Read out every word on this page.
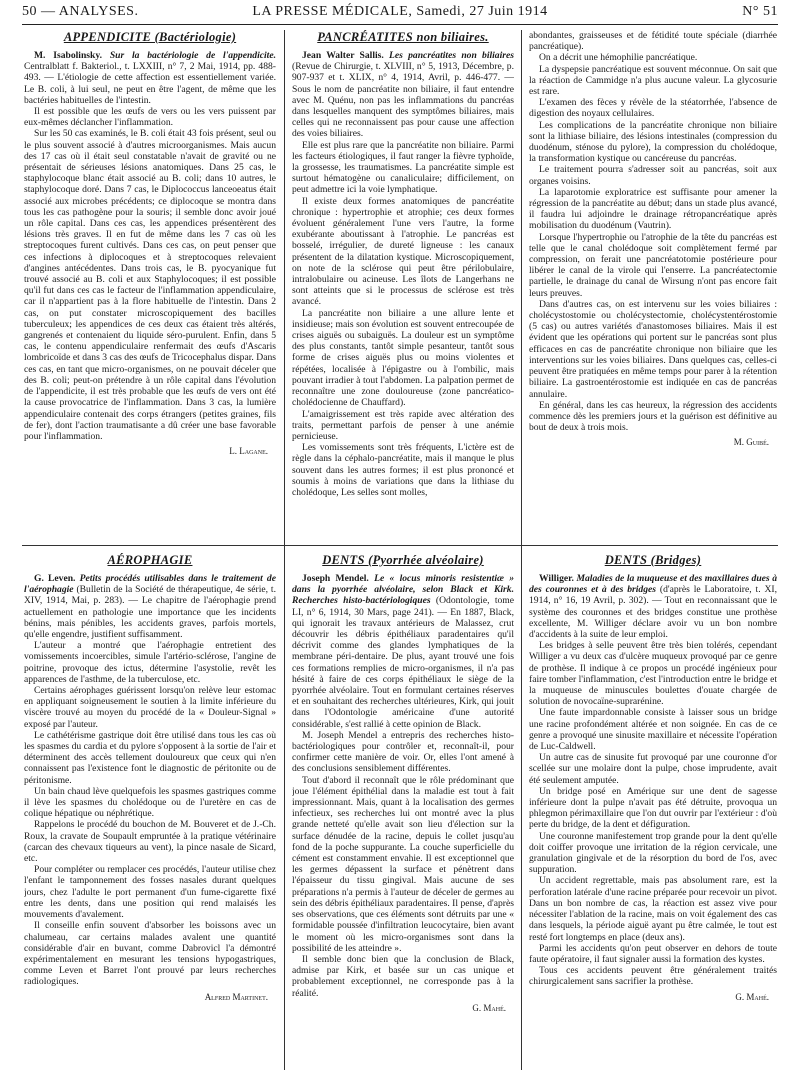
50 — ANALYSES.	LA PRESSE MÉDICALE, Samedi, 27 Juin 1914	N° 51
APPENDICITE (Bactériologie)

M. Isabolinsky. Sur la bactériologie de l'appendicite. Centralblatt f. Bakteriol., t. LXXIII, n° 7, 2 Mai, 1914, pp. 488-493. — L'étiologie de cette affection est essentiellement variée. Le B. coli, à lui seul, ne peut en être l'agent, de même que les bactéries habituelles de l'intestin.

Il est possible que les œufs de vers ou les vers puissent par eux-mêmes déclancher l'inflammation.

Sur les 50 cas examinés, le B. coli était 43 fois présent, seul ou le plus souvent associé à d'autres microorganismes. Mais aucun des 17 cas où il était seul constatable n'avait de gravité ou ne présentait de sérieuses lésions anatomiques. Dans 25 cas, le staphylocoque blanc était associé au B. coli; dans 10 autres, le staphylocoque doré. Dans 7 cas, le Diplococcus lanceoeatus était associé aux microbes précédents; ce diplocoque se montra dans tous les cas pathogène pour la souris; il semble donc avoir joué un rôle capital. Dans ces cas, les appendices présentèrent des lésions très graves. Il en fut de même dans les 7 cas où les streptocoques furent cultivés. Dans ces cas, on peut penser que ces infections à diplocoques et à streptocoques relevaient d'angines antécédentes. Dans trois cas, le B. pyocyanique fut trouvé associé au B. coli et aux Staphylocoques; il est possible qu'il fut dans ces cas le facteur de l'inflammation appendiculaire, car il n'appartient pas à la flore habituelle de l'intestin. Dans 2 cas, on put constater microscopiquement des bacilles tuberculeux; les appendices de ces deux cas étaient très altérés, gangrenés et contenaient du liquide séro-purulent. Enfin, dans 5 cas, le contenu appendiculaire renfermait des œufs d'Ascaris lombricoïde et dans 3 cas des œufs de Tricocephalus dispar. Dans ces cas, en tant que micro-organismes, on ne pouvait déceler que des B. coli; peut-on prétendre à un rôle capital dans l'évolution de l'appendicite, il est très probable que les œufs de vers ont été la cause provocatrice de l'inflammation. Dans 3 cas, la lumière appendiculaire contenait des corps étrangers (petites graines, fils de fer), dont l'action traumatisante a dû créer une base favorable pour l'inflammation.

L. Lagane.
PANCRÉATITES non biliaires.

Jean Walter Sallis. Les pancréatites non biliaires (Revue de Chirurgie, t. XLVIII, n° 5, 1913, Décembre, p. 907-937 et t. XLIX, n° 4, 1914, Avril, p. 446-477. — Sous le nom de pancréatite non biliaire, il faut entendre avec M. Quénu, non pas les inflammations du pancréas dans lesquelles manquent des symptômes biliaires, mais celles qui ne reconnaissent pas pour cause une affection des voies biliaires.

Elle est plus rare que la pancréatite non biliaire. Parmi les facteurs étiologiques, il faut ranger la fièvre typhoïde, la grossesse, les traumatismes. La pancréatite simple est surtout hématogène ou canaliculaire; difficilement, on peut admettre ici la voie lymphatique.

Il existe deux formes anatomiques de pancréatite chronique : hypertrophie et atrophie; ces deux formes évoluent généralement l'une vers l'autre, la forme exubérante aboutissant à l'atrophie. Le pancréas est bosselé, irrégulier, de dureté ligneuse : les canaux présentent de la dilatation kystique. Microscopiquement, on note de la sclérose qui peut être périlobulaire, intralobulaire ou acineuse. Les îlots de Langerhans ne sont atteints que si le processus de sclérose est très avancé.

La pancréatite non biliaire a une allure lente et insidieuse; mais son évolution est souvent entrecoupée de crises aiguës ou subaiguës. La douleur est un symptôme des plus constants, tantôt simple pesanteur, tantôt sous forme de crises aiguës plus ou moins violentes et répétées, localisée à l'épigastre ou à l'ombilic, mais pouvant irradier à tout l'abdomen. La palpation permet de reconnaître une zone douloureuse (zone pancréatico-cholédocienne de Chauffard).

L'amaigrissement est très rapide avec altération des traits, permettant parfois de penser à une anémie pernicieuse.

Les vomissements sont très fréquents, L'ictère est de règle dans la céphalo-pancréatite, mais il manque le plus souvent dans les autres formes; il est plus prononcé et soumis à moins de variations que dans la lithiase du cholédoque, Les selles sont molles,

abondantes, graisseuses et de fétidité toute spéciale (diarrhée pancréatique).

On a décrit une hémophilie pancréatique.

La dyspepsie pancréatique est souvent méconnue. On sait que la réaction de Cammidge n'a plus aucune valeur. La glycosurie est rare.

L'examen des fèces y révèle de la stéatorrhée, l'absence de digestion des noyaux cellulaires.

Les complications de la pancréatite chronique non biliaire sont la lithiase biliaire, des lésions intestinales (compression du duodénum, sténose du pylore), la compression du cholédoque, la transformation kystique ou cancéreuse du pancréas.

Le traitement pourra s'adresser soit au pancréas, soit aux organes voisins.

La laparotomie exploratrice est suffisante pour amener la régression de la pancréatite au début; dans un stade plus avancé, il faudra lui adjoindre le drainage rétropancréatique après mobilisation du duodénum (Vautrin).

Lorsque l'hypertrophie ou l'atrophie de la tête du pancréas est telle que le canal cholédoque soit complètement fermé par compression, on ferait une pancréatotomie postérieure pour libérer le canal de la virole qui l'enserre. La pancréatectomie partielle, le drainage du canal de Wirsung n'ont pas encore fait leurs preuves.

Dans d'autres cas, on est intervenu sur les voies biliaires : cholécystostomie ou cholécystectomie, cholécystentérostomie (5 cas) ou autres variétés d'anastomoses biliaires. Mais il est évident que les opérations qui portent sur le pancréas sont plus efficaces en cas de pancréatite chronique non biliaire que les interventions sur les voies biliaires. Dans quelques cas, celles-ci peuvent être pratiquées en même temps pour parer à la rétention biliaire. La gastroentérostomie est indiquée en cas de pancréas annulaire.

En général, dans les cas heureux, la régression des accidents commence dès les premiers jours et la guérison est définitive au bout de deux à trois mois.

M. Guibé.
AÉROPHAGIE

G. Leven. Petits procédés utilisables dans le traitement de l'aérophagie (Bulletin de la Société de thérapeutique, 4e série, t. XIV, 1914, Mai, p. 283). — Le chapitre de l'aérophagie prend actuellement en pathologie une importance que les incidents bénins, mais pénibles, les accidents graves, parfois mortels, qu'elle engendre, justifient suffisamment.

L'auteur a montré que l'aérophagie entretient des vomissements incoercibles, simule l'artério-sclérose, l'angine de poitrine, provoque des ictus, détermine l'asystolie, revêt les apparences de l'asthme, de la tuberculose, etc.

Certains aérophages guérissent lorsqu'on relève leur estomac en appliquant soigneusement le soutien à la limite inférieure du viscère trouvé au moyen du procédé de la « Douleur-Signal » exposé par l'auteur.

Le cathétérisme gastrique doit être utilisé dans tous les cas où les spasmes du cardia et du pylore s'opposent à la sortie de l'air et déterminent des accès tellement douloureux que ceux qui n'en connaissent pas l'existence font le diagnostic de péritonite ou de péritonisme.

Un bain chaud lève quelquefois les spasmes gastriques comme il lève les spasmes du cholédoque ou de l'uretère en cas de colique hépatique ou néphrétique.

Rappelons le procédé du bouchon de M. Bouveret et de J.-Ch. Roux, la cravate de Soupault empruntée à la pratique vétérinaire (carcan des chevaux tiqueurs au vent), la pince nasale de Sicard, etc.

Pour compléter ou remplacer ces procédés, l'auteur utilise chez l'enfant le tamponnement des fosses nasales durant quelques jours, chez l'adulte le port permanent d'un fume-cigarette fixé entre les dents, dans une position qui rend malaisés les mouvements d'avalement.

Il conseille enfin souvent d'absorber les boissons avec un chalumeau, car certains malades avalent une quantité considérable d'air en buvant, comme Dabrovicl l'a démontré expérimentalement en mesurant les tensions hypogastriques, comme Leven et Barret l'ont prouvé par leurs recherches radiologiques.

Alfred Martinet.
DENTS (Pyorrhée alvéolaire)

Joseph Mendel. Le « locus minoris resistentiæ » dans la pyorrhée alvéolaire, selon Black et Kirk. Recherches histo-bactériologiques (Odontologie, tome LI, n° 6, 1914, 30 Mars, page 241). — En 1887, Black, qui ignorait les travaux antérieurs de Malassez, crut découvrir les débris épithéliaux paradentaires qu'il décrivit comme des glandes lymphatiques de la membrane péri-dentaire. De plus, ayant trouvé une fois ces formations remplies de micro-organismes, il n'a pas hésité à faire de ces corps épithéliaux le siège de la pyorrhée alvéolaire. Tout en formulant certaines réserves et en souhaitant des recherches ultérieures, Kirk, qui jouit dans l'Odontologie américaine d'une autorité considérable, s'est rallié à cette opinion de Black.

M. Joseph Mendel a entrepris des recherches histo-bactériologiques pour contrôler et, reconnaît-il, pour confirmer cette manière de voir. Or, elles l'ont amené à des conclusions sensiblement différentes.

Tout d'abord il reconnaît que le rôle prédominant que joue l'élément épithélial dans la maladie est tout à fait impressionnant. Mais, quant à la localisation des germes infectieux, ses recherches lui ont montré avec la plus grande netteté qu'elle avait son lieu d'élection sur la surface dénudée de la racine, depuis le collet jusqu'au fond de la poche suppurante. La couche superficielle du cément est constamment envahie. Il est exceptionnel que les germes dépassent la surface et pénètrent dans l'épaisseur du tissu gingival. Mais aucune de ses préparations n'a permis à l'auteur de déceler de germes au sein des débris épithéliaux paradentaires. Il pense, d'après ses observations, que ces éléments sont détruits par une « formidable poussée d'infiltration leucocytaire, bien avant le moment où les micro-organismes sont dans la possibilité de les atteindre ».

Il semble donc bien que la conclusion de Black, admise par Kirk, et basée sur un cas unique et probablement exceptionnel, ne corresponde pas à la réalité.

G. Mahé.
DENTS (Bridges)

Williger. Maladies de la muqueuse et des maxillaires dues à des couronnes et à des bridges (d'après le Laboratoire, t. XI, 1914, n° 16, 19 Avril, p. 302). — Tout en reconnaissant que le système des couronnes et des bridges constitue une prothèse excellente, M. Williger déclare avoir vu un bon nombre d'accidents à la suite de leur emploi.

Les bridges à selle peuvent être très bien tolérés, cependant Williger a vu deux cas d'ulcère muqueux provoqué par ce genre de prothèse. Il indique à ce propos un procédé ingénieux pour faire tomber l'inflammation, c'est l'introduction entre le bridge et la muqueuse de minuscules boulettes d'ouate chargée de solution de novocaïne-suprarénine.

Une faute impardonnable consiste à laisser sous un bridge une racine profondément altérée et non soignée. En cas de ce genre a provoqué une sinusite maxillaire et nécessite l'opération de Luc-Caldwell.

Un autre cas de sinusite fut provoqué par une couronne d'or scellée sur une molaire dont la pulpe, chose imprudente, avait été seulement amputée.

Un bridge posé en Amérique sur une dent de sagesse inférieure dont la pulpe n'avait pas été détruite, provoqua un phlegmon périmaxillaire que l'on dut ouvrir par l'extérieur : d'où perte du bridge, de la dent et défiguration.

Une couronne manifestement trop grande pour la dent qu'elle doit coiffer provoque une irritation de la région cervicale, une granulation gingivale et de la résorption du bord de l'os, avec suppuration.

Un accident regrettable, mais pas absolument rare, est la perforation latérale d'une racine préparée pour recevoir un pivot. Dans un bon nombre de cas, la réaction est assez vive pour nécessiter l'ablation de la racine, mais on voit également des cas dans lesquels, la période aiguë ayant pu être calmée, le tout est resté fort longtemps en place (deux ans).

Parmi les accidents qu'on peut observer en dehors de toute faute opératoire, il faut signaler aussi la formation des kystes.

Tous ces accidents peuvent être généralement traités chirurgicalement sans sacrifier la prothèse.

G. Mahé.
